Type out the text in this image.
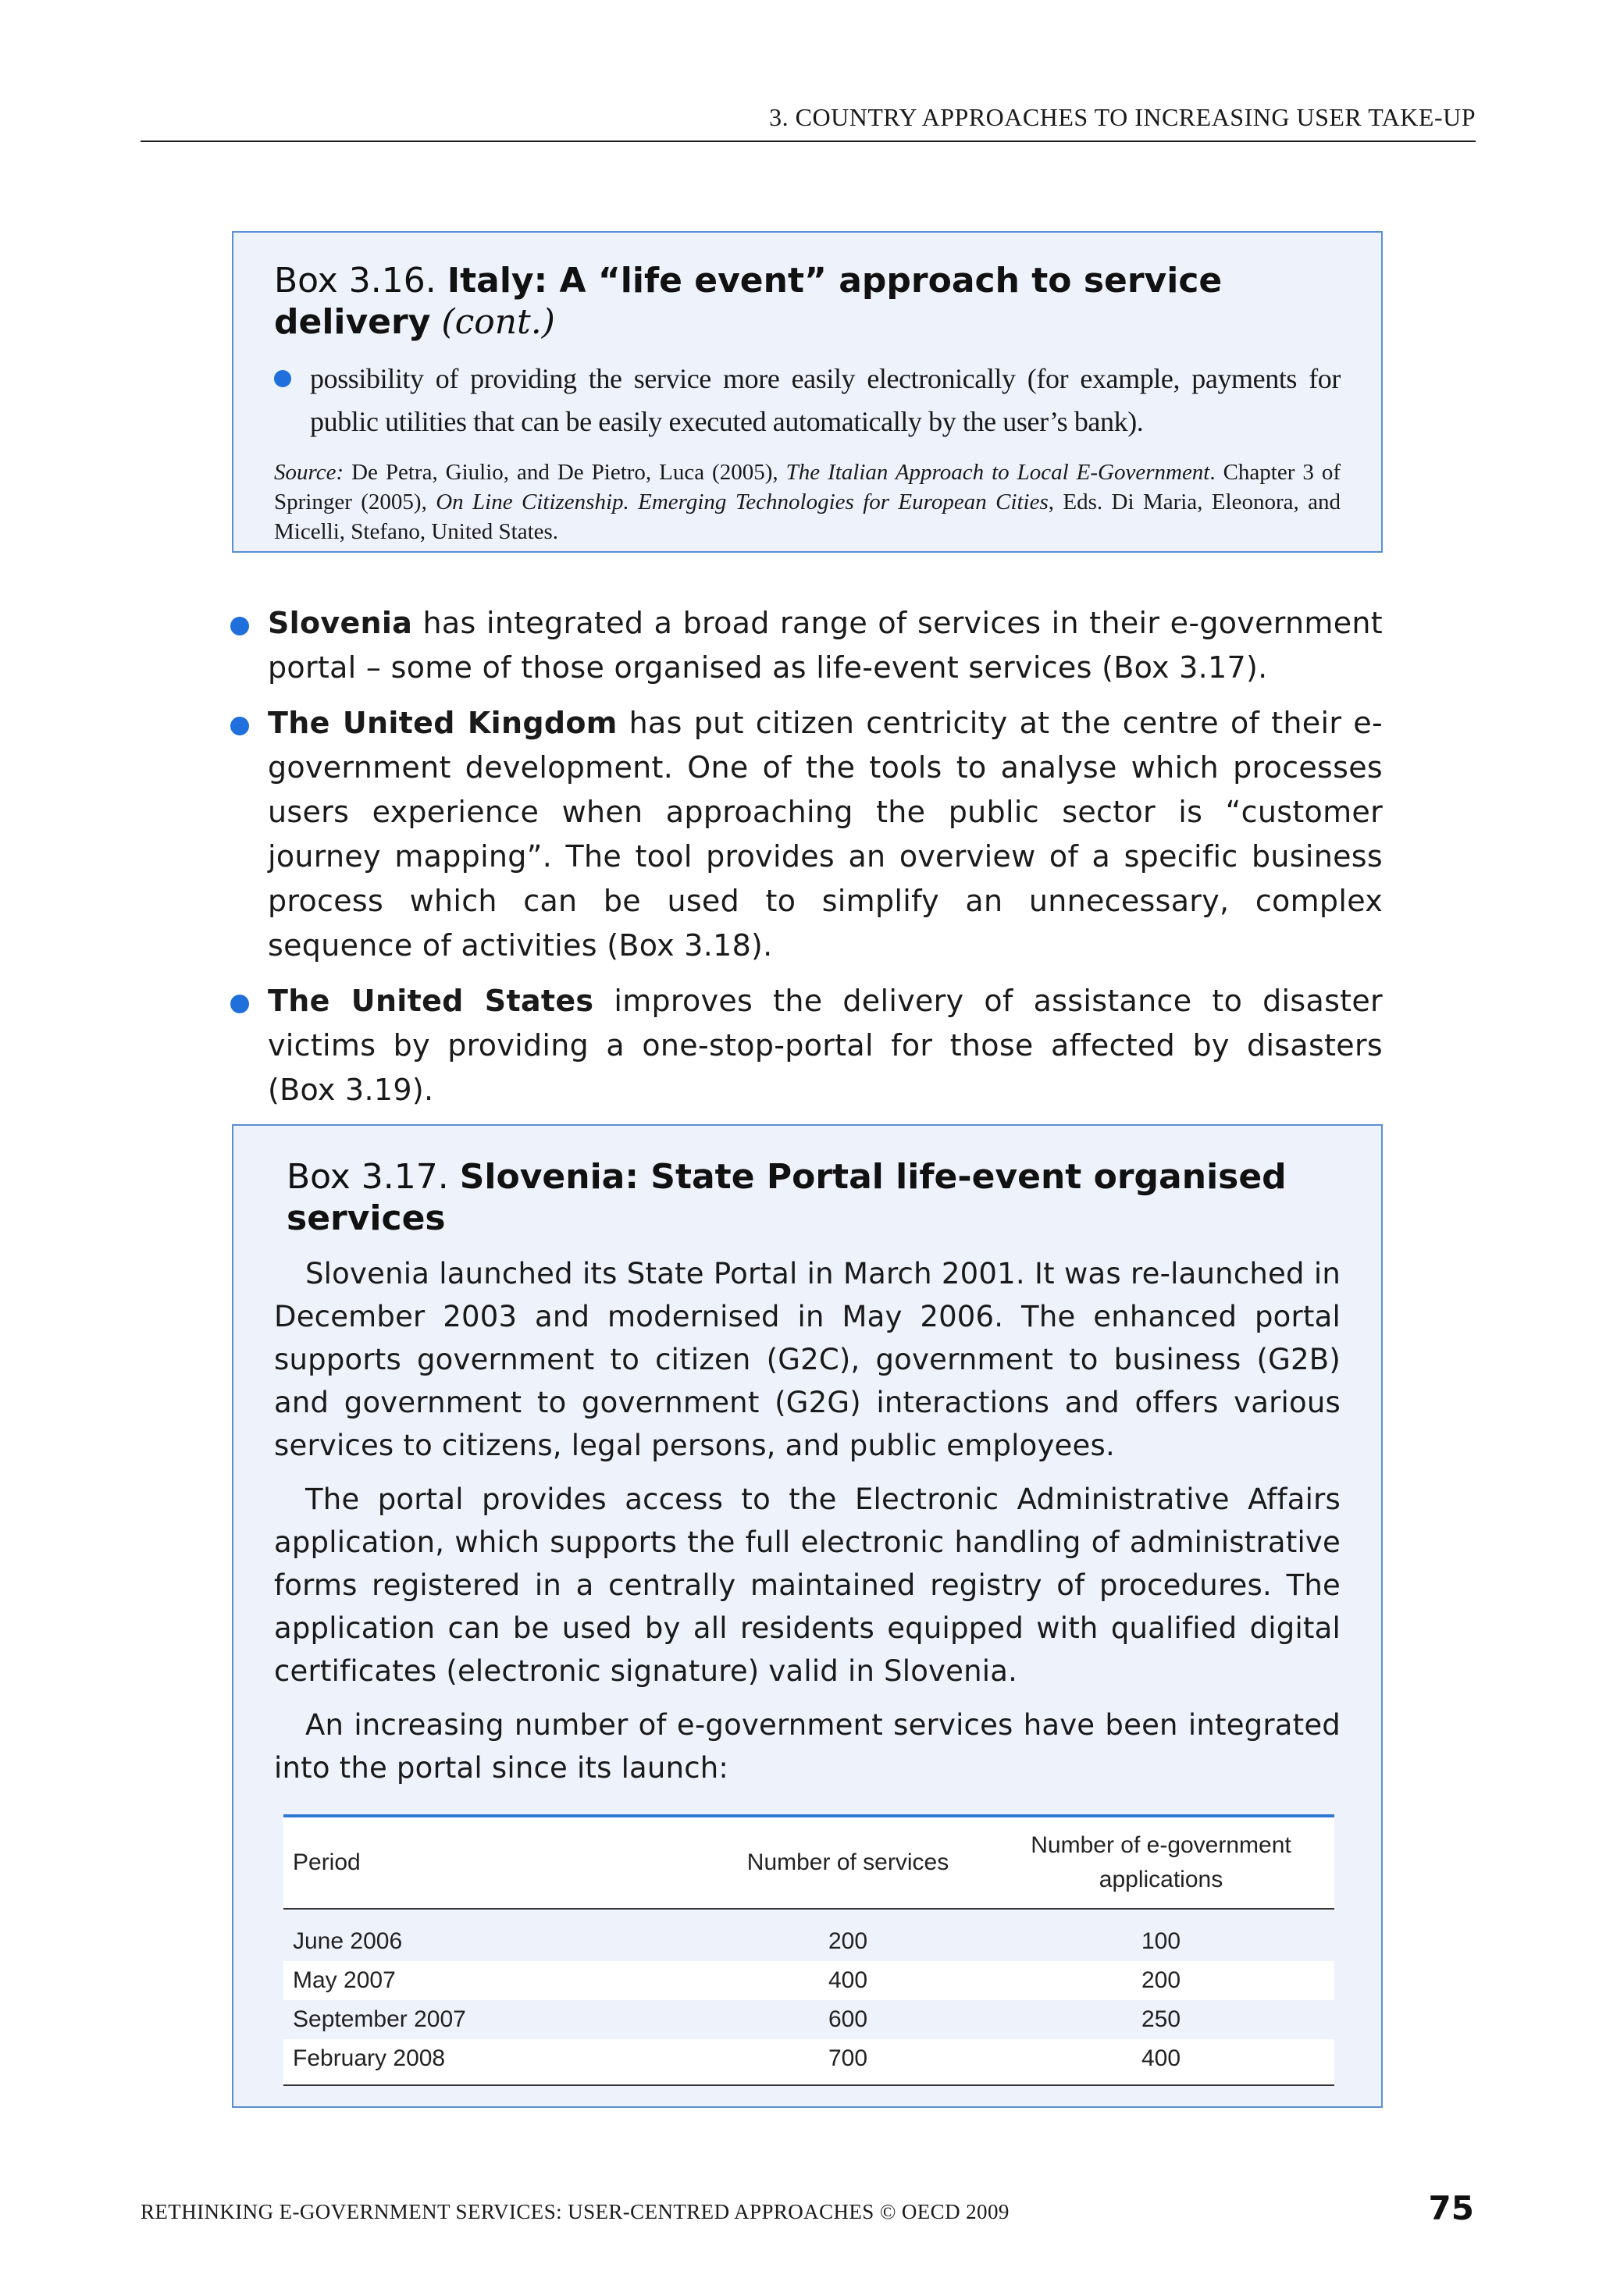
3. COUNTRY APPROACHES TO INCREASING USER TAKE-UP
Box 3.16. Italy: A “life event” approach to service delivery (cont.)
possibility of providing the service more easily electronically (for example, payments for public utilities that can be easily executed automatically by the user’s bank).
Source: De Petra, Giulio, and De Pietro, Luca (2005), The Italian Approach to Local E-Government. Chapter 3 of Springer (2005), On Line Citizenship. Emerging Technologies for European Cities, Eds. Di Maria, Eleonora, and Micelli, Stefano, United States.

Slovenia has integrated a broad range of services in their e-government portal – some of those organised as life-event services (Box 3.17).

The United Kingdom has put citizen centricity at the centre of their e-government development. One of the tools to analyse which processes users experience when approaching the public sector is “customer journey mapping”. The tool provides an overview of a specific business process which can be used to simplify an unnecessary, complex sequence of activities (Box 3.18).

The United States improves the delivery of assistance to disaster victims by providing a one-stop-portal for those affected by disasters (Box 3.19).

Box 3.17. Slovenia: State Portal life-event organised services

Slovenia launched its State Portal in March 2001. It was re-launched in December 2003 and modernised in May 2006. The enhanced portal supports government to citizen (G2C), government to business (G2B) and government to government (G2G) interactions and offers various services to citizens, legal persons, and public employees.

The portal provides access to the Electronic Administrative Affairs application, which supports the full electronic handling of administrative forms registered in a centrally maintained registry of procedures. The application can be used by all residents equipped with qualified digital certificates (electronic signature) valid in Slovenia.

An increasing number of e-government services have been integrated into the portal since its launch:

Period	Number of services	Number of e-government applications
June 2006	200	100
May 2007	400	200
September 2007	600	250
February 2008	700	400
RETHINKING E-GOVERNMENT SERVICES: USER-CENTRED APPROACHES © OECD 2009	75
